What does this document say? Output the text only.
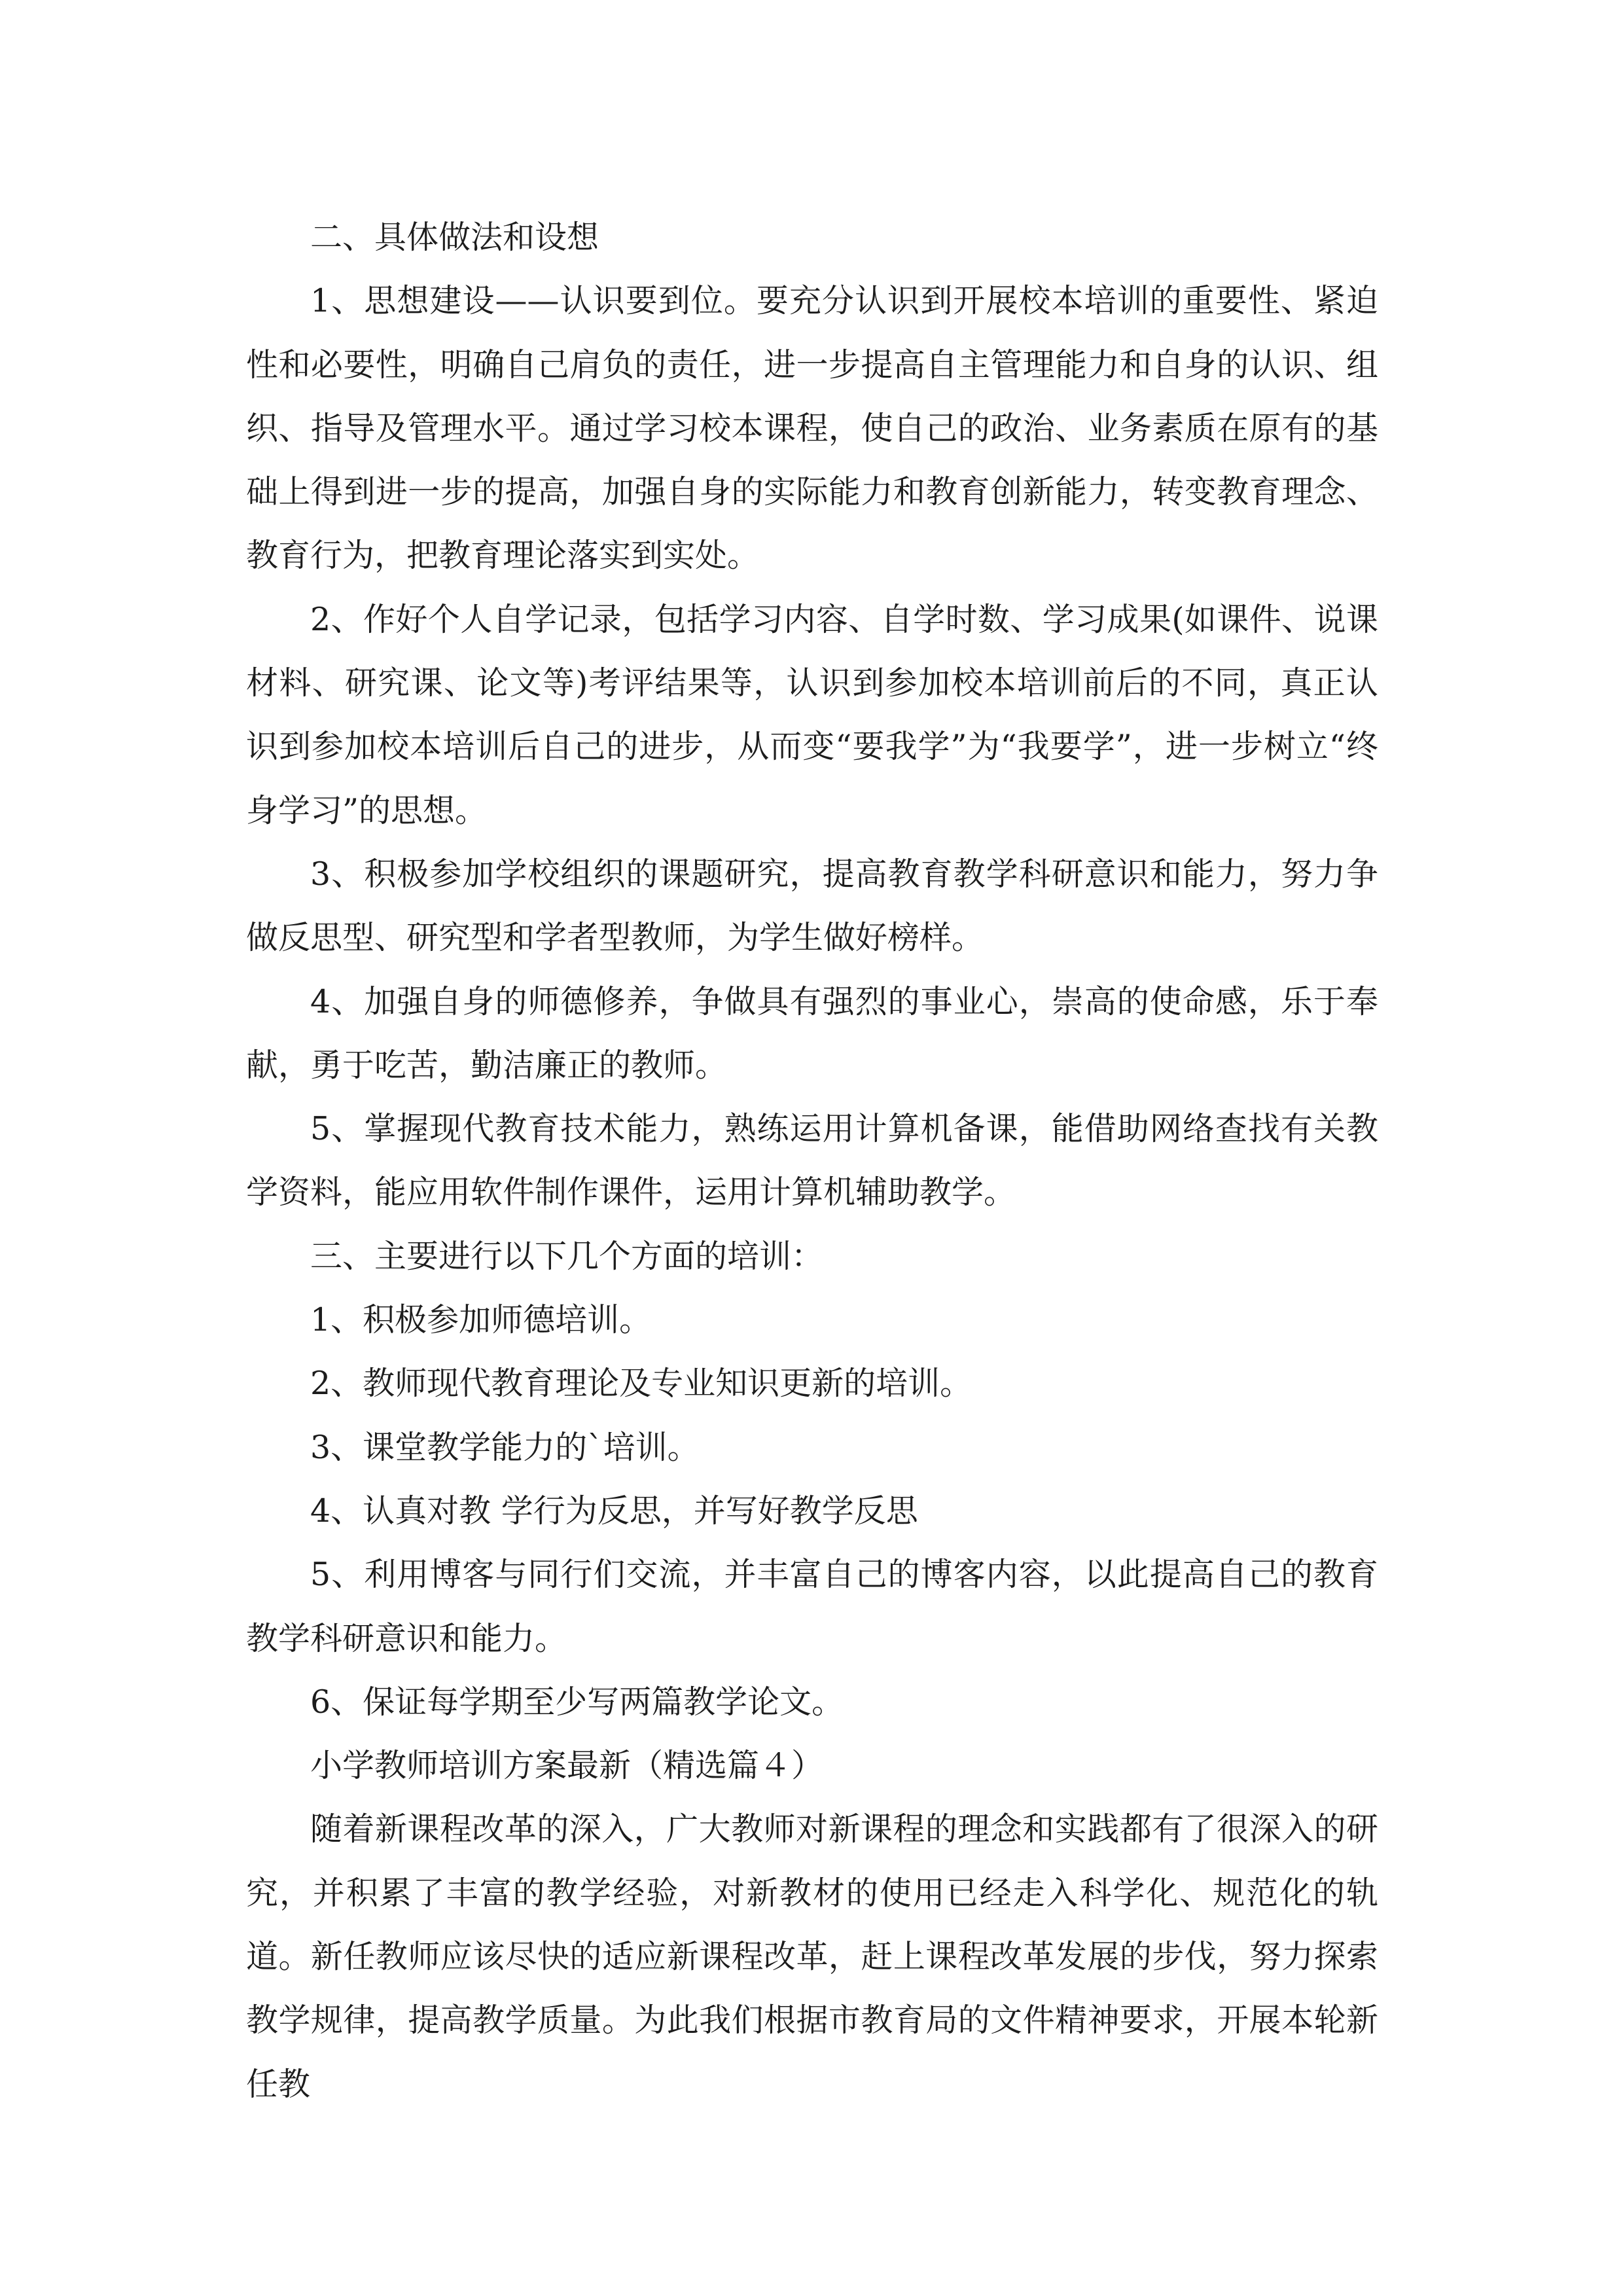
二、具体做法和设想

1、思想建设——认识要到位。要充分认识到开展校本培训的重要性、紧迫性和必要性，明确自己肩负的责任，进一步提高自主管理能力和自身的认识、组织、指导及管理水平。通过学习校本课程，使自己的政治、业务素质在原有的基础上得到进一步的提高，加强自身的实际能力和教育创新能力，转变教育理念、教育行为，把教育理论落实到实处。

2、作好个人自学记录，包括学习内容、自学时数、学习成果(如课件、说课材料、研究课、论文等)考评结果等，认识到参加校本培训前后的不同，真正认识到参加校本培训后自己的进步，从而变“要我学”为“我要学”，进一步树立“终身学习”的思想。

3、积极参加学校组织的课题研究，提高教育教学科研意识和能力，努力争做反思型、研究型和学者型教师，为学生做好榜样。

4、加强自身的师德修养，争做具有强烈的事业心，崇高的使命感，乐于奉献，勇于吃苦，勤洁廉正的教师。

5、掌握现代教育技术能力，熟练运用计算机备课，能借助网络查找有关教学资料，能应用软件制作课件，运用计算机辅助教学。

三、主要进行以下几个方面的培训：

1、积极参加师德培训。

2、教师现代教育理论及专业知识更新的培训。

3、课堂教学能力的`培训。

4、认真对教 学行为反思，并写好教学反思

5、利用博客与同行们交流，并丰富自己的博客内容，以此提高自己的教育教学科研意识和能力。

6、保证每学期至少写两篇教学论文。

小学教师培训方案最新（精选篇４）

随着新课程改革的深入，广大教师对新课程的理念和实践都有了很深入的研究，并积累了丰富的教学经验，对新教材的使用已经走入科学化、规范化的轨道。新任教师应该尽快的适应新课程改革，赶上课程改革发展的步伐，努力探索教学规律，提高教学质量。为此我们根据市教育局的文件精神要求，开展本轮新任教
